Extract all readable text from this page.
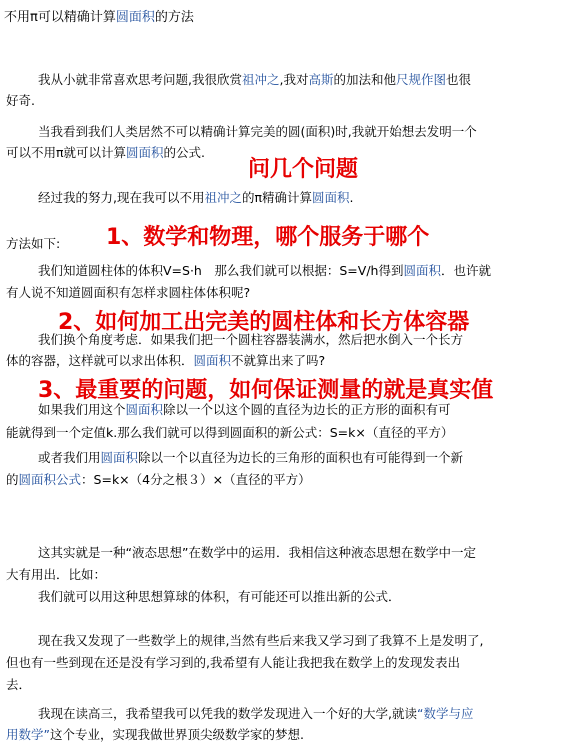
不用π可以精确计算圆面积的方法
我从小就非常喜欢思考问题,我很欣赏祖冲之,我对高斯的加法和他尺规作图也很
好奇.
当我看到我们人类居然不可以精确计算完美的圆(面积)时,我就开始想去发明一个
可以不用π就可以计算圆面积的公式.
问几个问题
经过我的努力,现在我可以不用祖冲之的π精确计算圆面积.
方法如下: 1、数学和物理，哪个服务于哪个
我们知道圆柱体的体积V=S·h　那么我们就可以根据：S=V/h得到圆面积．也许就
有人说不知道圆面积有怎样求圆柱体体积呢?
2、如何加工出完美的圆柱体和长方体容器
我们换个角度考虑．如果我们把一个圆柱容器装满水，然后把水倒入一个长方
体的容器，这样就可以求出体积．圆面积不就算出来了吗?
3、最重要的问题，如何保证测量的就是真实值
如果我们用这个圆面积除以一个以这个圆的直径为边长的正方形的面积有可
能就得到一个定值k.那么我们就可以得到圆面积的新公式：S=k×（直径的平方）
或者我们用圆面积除以一个以直径为边长的三角形的面积也有可能得到一个新
的圆面积公式：S=k×（4分之根３）×（直径的平方）
这其实就是一种“液态思想”在数学中的运用．我相信这种液态思想在数学中一定
大有用出．比如：
我们就可以用这种思想算球的体积，有可能还可以推出新的公式．
现在我又发现了一些数学上的规律,当然有些后来我又学习到了我算不上是发明了,
但也有一些到现在还是没有学习到的,我希望有人能让我把我在数学上的发现发表出
去．
我现在读高三，我希望我可以凭我的数学发现进入一个好的大学,就读“数学与应
用数学”这个专业，实现我做世界顶尖级数学家的梦想.
